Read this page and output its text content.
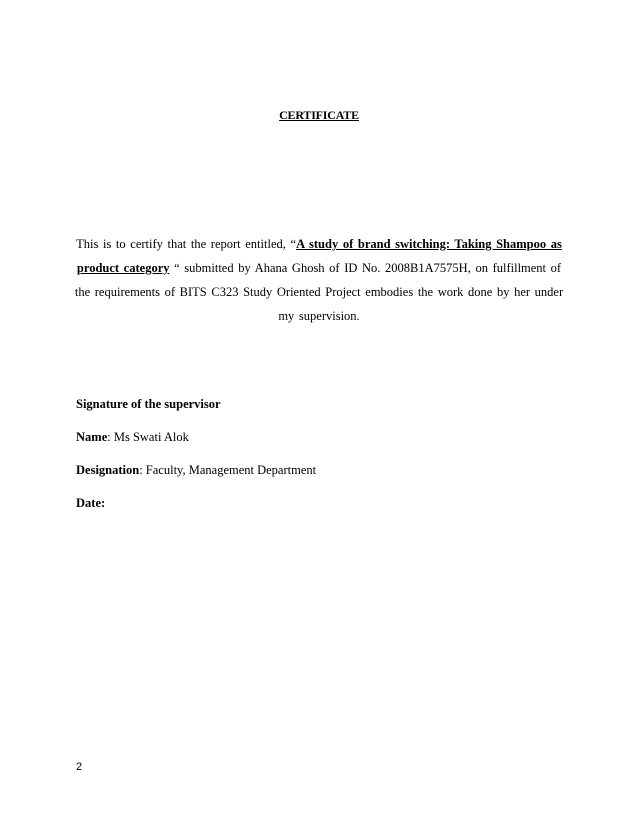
CERTIFICATE
This is to certify that the report entitled, “A study of brand switching: Taking Shampoo as product category “ submitted by Ahana Ghosh of ID No. 2008B1A7575H, on fulfillment of the requirements of BITS C323 Study Oriented Project embodies the work done by her under my supervision.
Signature of the supervisor
Name: Ms Swati Alok
Designation: Faculty, Management Department
Date:
2
